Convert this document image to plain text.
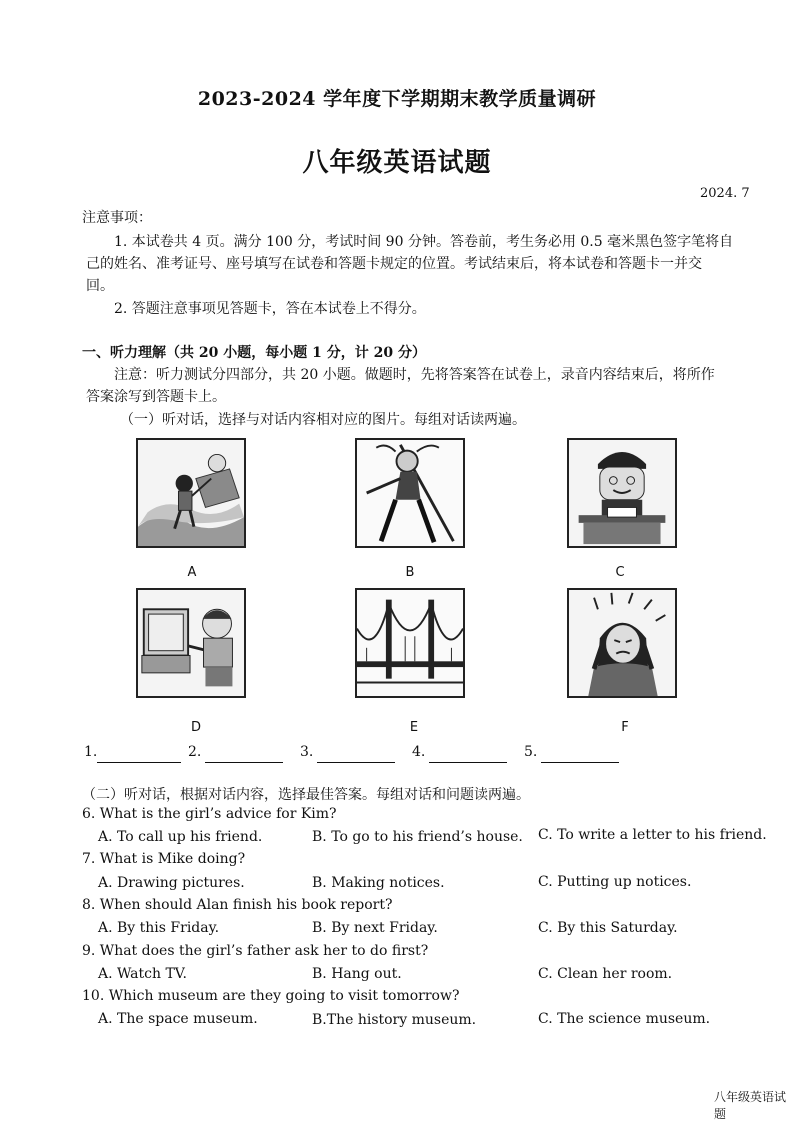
2023-2024 学年度下学期期末教学质量调研
八年级英语试题
2024. 7
注意事项：
1. 本试卷共 4 页。满分 100 分，考试时间 90 分钟。答卷前，考生务必用 0.5 毫米黑色签字笔将自
己的姓名、准考证号、座号填写在试卷和答题卡规定的位置。考试结束后，将本试卷和答题卡一并交
回。
2. 答题注意事项见答题卡，答在本试卷上不得分。
一、听力理解（共 20 小题，每小题 1 分，计 20 分）
注意：听力测试分四部分，共 20 小题。做题时，先将答案答在试卷上，录音内容结束后，将所作
答案涂写到答题卡上。
（一）听对话，选择与对话内容相对应的图片。每组对话读两遍。
A	B	C
D	E	F
1.	2.	3.	4.	5.
（二）听对话，根据对话内容，选择最佳答案。每组对话和问题读两遍。
6. What is the girl’s advice for Kim?
A. To call up his friend.	B. To go to his friend’s house. C. To write a letter to his friend.
7. What is Mike doing?
A. Drawing pictures.	B. Making notices.	C. Putting up notices.
8. When should Alan finish his book report?
A. By this Friday.	B. By next Friday.	C. By this Saturday.
9. What does the girl’s father ask her to do first?
A. Watch TV.	B. Hang out.	C. Clean her room.
10. Which museum are they going to visit tomorrow?
A. The space museum.	B.The history museum.	C. The science museum.
八年级英语试题
